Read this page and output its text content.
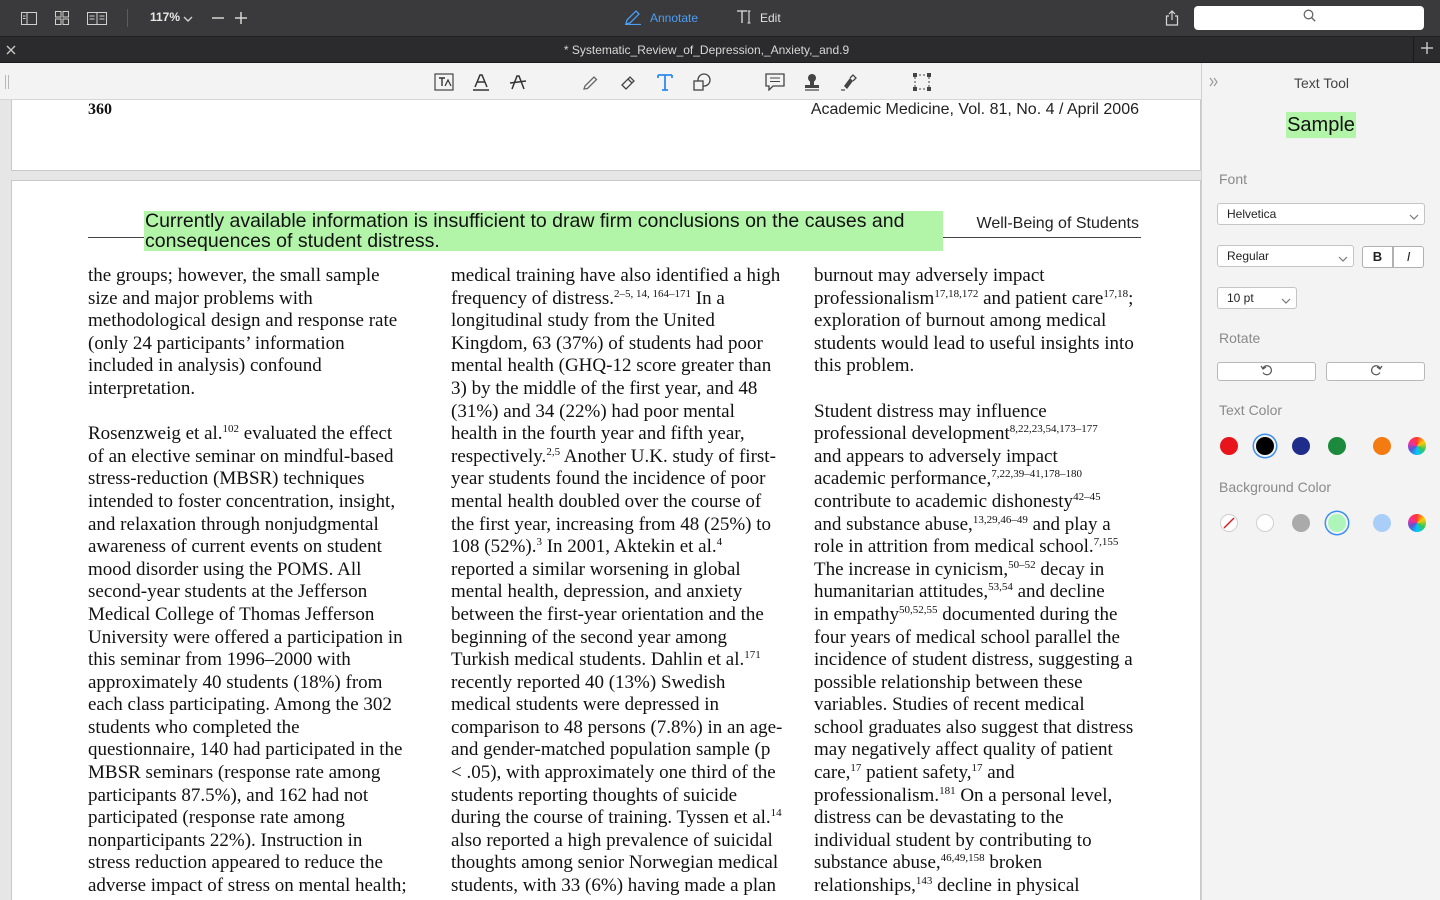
117%	Annotate	Edit
* Systematic_Review_of_Depression,_Anxiety,_and.9
360	Academic Medicine, Vol. 81, No. 4 / April 2006
Currently available information is insufficient to draw firm conclusions on the causes and consequences of student distress.
Well-Being of Students
the groups; however, the small sample
size and major problems with
methodological design and response rate
(only 24 participants’ information
included in analysis) confound
interpretation.
Rosenzweig et al.$^{102}$ evaluated the effect
of an elective seminar on mindful-based
stress-reduction (MBSR) techniques
intended to foster concentration, insight,
and relaxation through nonjudgmental
awareness of current events on student
mood disorder using the POMS. All
second-year students at the Jefferson
Medical College of Thomas Jefferson
University were offered a participation in
this seminar from 1996–2000 with
approximately 40 students (18%) from
each class participating. Among the 302
students who completed the
questionnaire, 140 had participated in the
MBSR seminars (response rate among
participants 87.5%), and 162 had not
participated (response rate among
nonparticipants 22%). Instruction in
stress reduction appeared to reduce the
adverse impact of stress on mental health;
medical training have also identified a high
frequency of distress.$^{2-5, 14, 164-171}$ In a
longitudinal study from the United
Kingdom, 63 (37%) of students had poor
mental health (GHQ-12 score greater than
3) by the middle of the first year, and 48
(31%) and 34 (22%) had poor mental
health in the fourth year and fifth year,
respectively.$^{2,5}$ Another U.K. study of first-
year students found the incidence of poor
mental health doubled over the course of
the first year, increasing from 48 (25%) to
108 (52%).$^3$ In 2001, Aktekin et al.$^4$
reported a similar worsening in global
mental health, depression, and anxiety
between the first-year orientation and the
beginning of the second year among
Turkish medical students. Dahlin et al.$^{171}$
recently reported 40 (13%) Swedish
medical students were depressed in
comparison to 48 persons (7.8%) in an age-
and gender-matched population sample (p
< .05), with approximately one third of the
students reporting thoughts of suicide
during the course of training. Tyssen et al.$^{14}$
also reported a high prevalence of suicidal
thoughts among senior Norwegian medical
students, with 33 (6%) having made a plan
burnout may adversely impact
professionalism$^{17,18,172}$ and patient care$^{17,18}$;
exploration of burnout among medical
students would lead to useful insights into
this problem.
Student distress may influence
professional development$^{8,22,23,54,173-177}$
and appears to adversely impact
academic performance,$^{7,22,39-41,178-180}$
contribute to academic dishonesty$^{42-45}$
and substance abuse,$^{13,29,46-49}$ and play a
role in attrition from medical school.$^{7,155}$
The increase in cynicism,$^{50-52}$ decay in
humanitarian attitudes,$^{53,54}$ and decline
in empathy$^{50,52,55}$ documented during the
four years of medical school parallel the
incidence of student distress, suggesting a
possible relationship between these
variables. Studies of recent medical
school graduates also suggest that distress
may negatively affect quality of patient
care,$^{17}$ patient safety,$^{17}$ and
professionalism.$^{181}$ On a personal level,
distress can be devastating to the
individual student by contributing to
substance abuse,$^{46,49,158}$ broken
relationships,$^{143}$ decline in physical
Text Tool
Sample
Font
Helvetica
Regular	B	I
10 pt
Rotate
Text Color
Background Color
